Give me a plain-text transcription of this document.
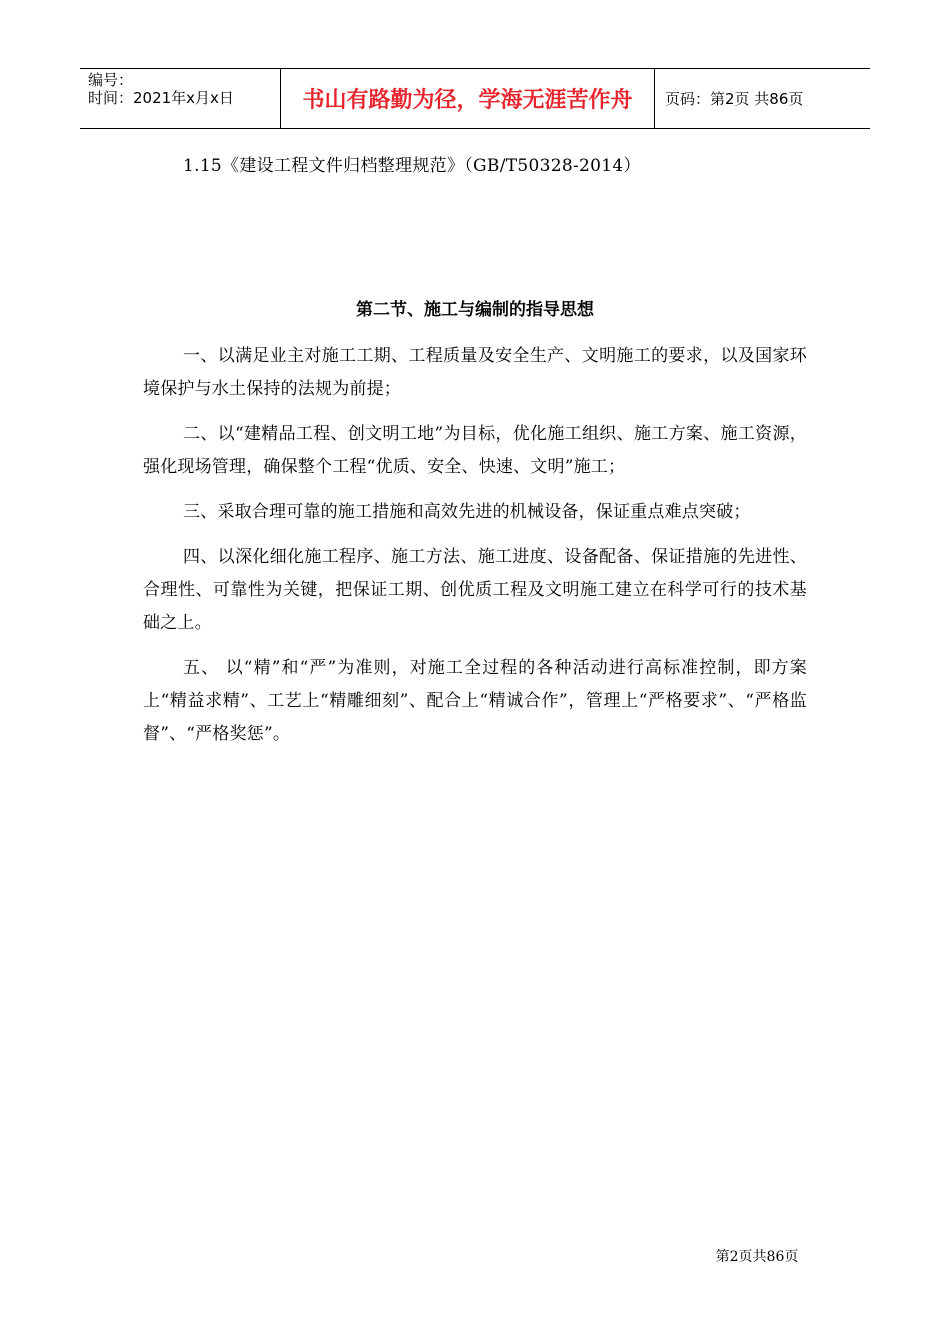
编号：
时间：2021年x月x日	书山有路勤为径，学海无涯苦作舟	页码：第2页 共86页

1.15《建设工程文件归档整理规范》（GB/T50328-2014）

第二节、施工与编制的指导思想

一、以满足业主对施工工期、工程质量及安全生产、文明施工的要求，以及国家环境保护与水土保持的法规为前提；

二、以“建精品工程、创文明工地”为目标，优化施工组织、施工方案、施工资源，强化现场管理，确保整个工程“优质、安全、快速、文明”施工；

三、采取合理可靠的施工措施和高效先进的机械设备，保证重点难点突破；

四、以深化细化施工程序、施工方法、施工进度、设备配备、保证措施的先进性、合理性、可靠性为关键，把保证工期、创优质工程及文明施工建立在科学可行的技术基础之上。

五、 以“精”和“严”为准则，对施工全过程的各种活动进行高标准控制，即方案上“精益求精”、工艺上“精雕细刻”、配合上“精诚合作”，管理上“严格要求”、“严格监督”、“严格奖惩”。

第2页共86页
